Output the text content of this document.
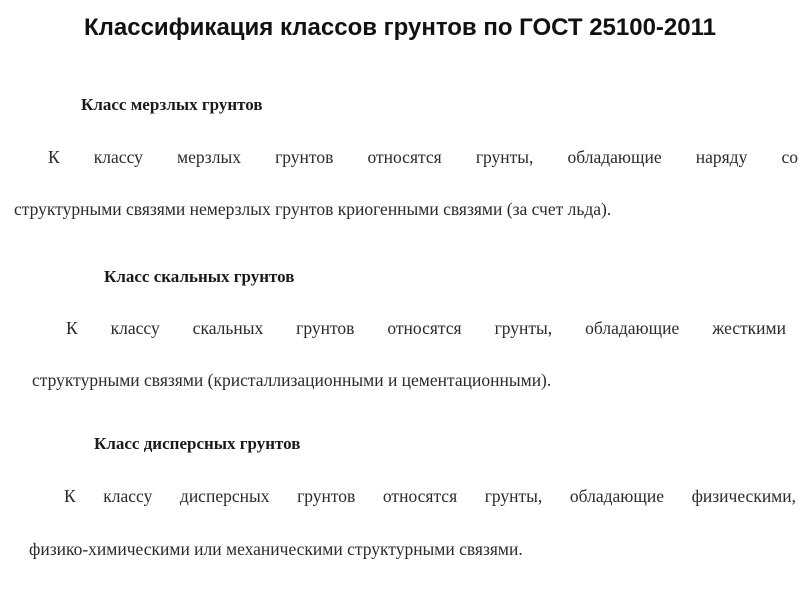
Классификация классов грунтов по ГОСТ 25100-2011
Класс мерзлых грунтов
К классу мерзлых грунтов относятся грунты, обладающие наряду со
структурными связями немерзлых грунтов криогенными связями (за счет льда).
Класс скальных грунтов
К классу скальных грунтов относятся грунты, обладающие жесткими
структурными связями (кристаллизационными и цементационными).
Класс дисперсных грунтов
К классу дисперсных грунтов относятся грунты, обладающие физическими,
физико-химическими или механическими структурными связями.
